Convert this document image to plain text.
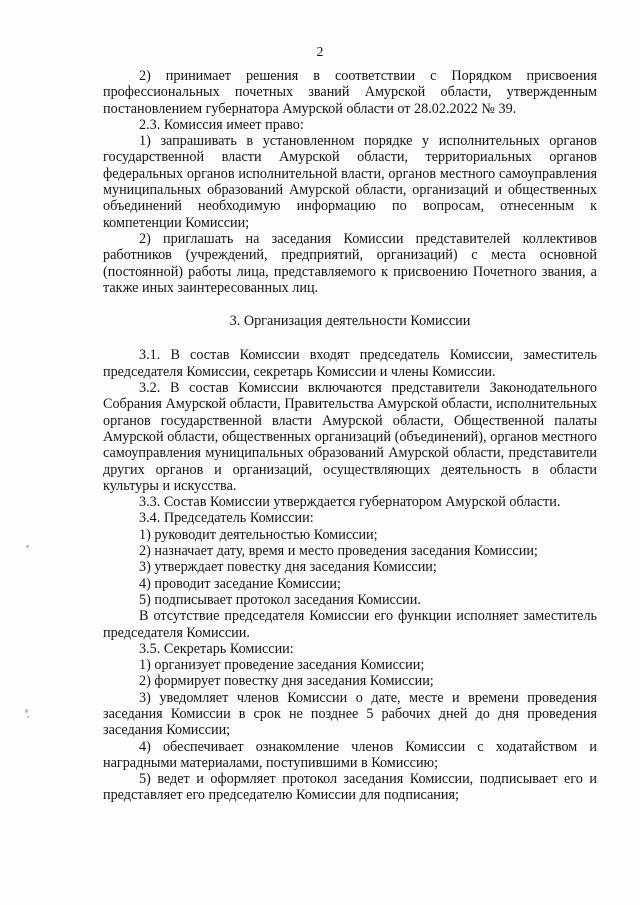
2

2) принимает решения в соответствии с Порядком присвоения профессиональных почетных званий Амурской области, утвержденным постановлением губернатора Амурской области от 28.02.2022 № 39.

2.3. Комиссия имеет право:

1) запрашивать в установленном порядке у исполнительных органов государственной власти Амурской области, территориальных органов федеральных органов исполнительной власти, органов местного самоуправления муниципальных образований Амурской области, организаций и общественных объединений необходимую информацию по вопросам, отнесенным к компетенции Комиссии;

2) приглашать на заседания Комиссии представителей коллективов работников (учреждений, предприятий, организаций) с места основной (постоянной) работы лица, представляемого к присвоению Почетного звания, а также иных заинтересованных лиц.

3. Организация деятельности Комиссии

3.1. В состав Комиссии входят председатель Комиссии, заместитель председателя Комиссии, секретарь Комиссии и члены Комиссии.

3.2. В состав Комиссии включаются представители Законодательного Собрания Амурской области, Правительства Амурской области, исполнительных органов государственной власти Амурской области, Общественной палаты Амурской области, общественных организаций (объединений), органов местного самоуправления муниципальных образований Амурской области, представители других органов и организаций, осуществляющих деятельность в области культуры и искусства.

3.3. Состав Комиссии утверждается губернатором Амурской области.

3.4. Председатель Комиссии:

1) руководит деятельностью Комиссии;

2) назначает дату, время и место проведения заседания Комиссии;

3) утверждает повестку дня заседания Комиссии;

4) проводит заседание Комиссии;

5) подписывает протокол заседания Комиссии.

В отсутствие председателя Комиссии его функции исполняет заместитель председателя Комиссии.

3.5. Секретарь Комиссии:

1) организует проведение заседания Комиссии;

2) формирует повестку дня заседания Комиссии;

3) уведомляет членов Комиссии о дате, месте и времени проведения заседания Комиссии в срок не позднее 5 рабочих дней до дня проведения заседания Комиссии;

4) обеспечивает ознакомление членов Комиссии с ходатайством и наградными материалами, поступившими в Комиссию;

5) ведет и оформляет протокол заседания Комиссии, подписывает его и представляет его председателю Комиссии для подписания;
